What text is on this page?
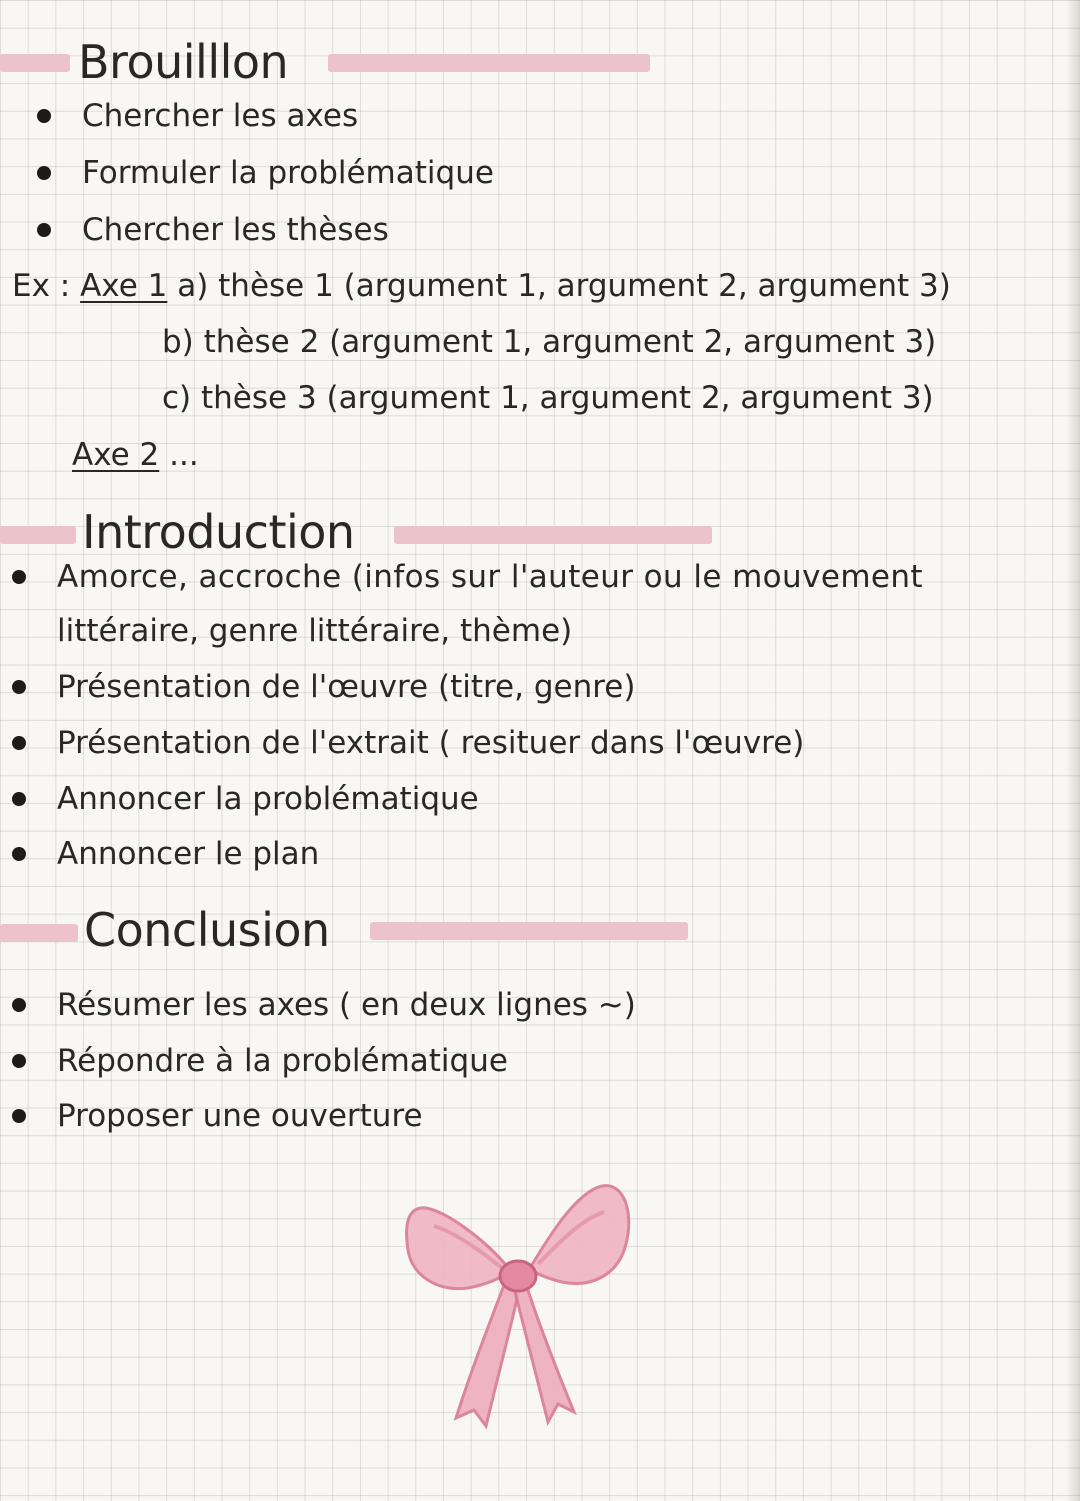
Brouilllon
Chercher les axes
Formuler la problématique
Chercher les thèses
Ex : Axe 1 a) thèse 1 (argument 1, argument 2, argument 3)
b) thèse 2 (argument 1, argument 2, argument 3)
c) thèse 3 (argument 1, argument 2, argument 3)
Axe 2 ...
Introduction
Amorce, accroche (infos sur l'auteur ou le mouvement
littéraire, genre littéraire, thème)
Présentation de l'œuvre (titre, genre)
Présentation de l'extrait ( resituer dans l'œuvre)
Annoncer la problématique
Annoncer le plan
Conclusion
Résumer les axes ( en deux lignes ~)
Répondre à la problématique
Proposer une ouverture
